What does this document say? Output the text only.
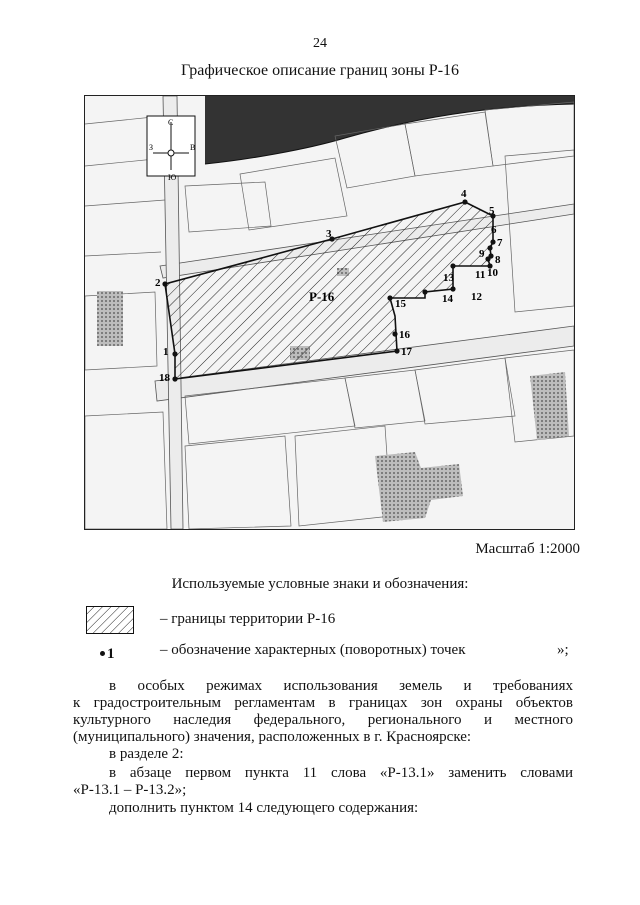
24
Графическое описание границ зоны Р-16
С
Ю
З	В
Р-16
1
2
3
4
5
6
7
8
9
10
11
12
13
14
15
16
17
18
Масштаб 1:2000
Используемые условные знаки и обозначения:
– границы территории Р-16
1	– обозначение характерных (поворотных) точек	»;
в особых режимах использования земель и требованиях
к градостроительным регламентам в границах зон охраны объектов
культурного наследия федерального, регионального и местного
(муниципального) значения, расположенных в г. Красноярске:
в разделе 2:
в абзаце первом пункта 11 слова «Р-13.1» заменить словами
«Р-13.1 – Р-13.2»;
дополнить пунктом 14 следующего содержания:
